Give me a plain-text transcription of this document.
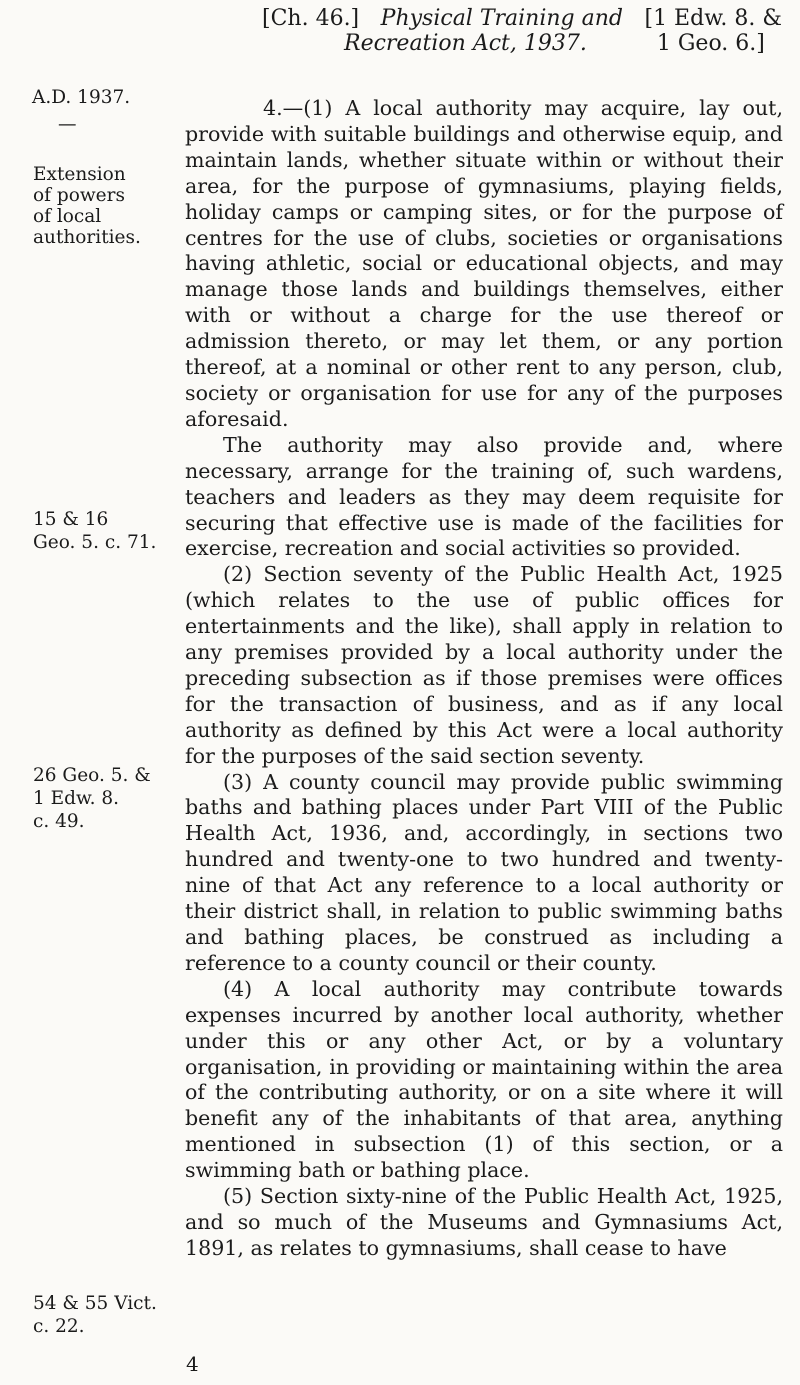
[Ch. 46.] Physical Training and [1 Edw. 8. &
Recreation Act, 1937.	1 Geo. 6.]
A.D. 1937.
—
Extension
of powers
of local
authorities.
15 & 16
Geo. 5. c. 71.
26 Geo. 5. &
1 Edw. 8.
c. 49.
54 & 55 Vict.
c. 22.

4.—(1) A local authority may acquire, lay out, provide with suitable buildings and otherwise equip, and maintain lands, whether situate within or without their area, for the purpose of gymnasiums, playing fields, holiday camps or camping sites, or for the purpose of centres for the use of clubs, societies or organisations having athletic, social or educational objects, and may manage those lands and buildings themselves, either with or without a charge for the use thereof or admission thereto, or may let them, or any portion thereof, at a nominal or other rent to any person, club, society or organisation for use for any of the purposes aforesaid.

The authority may also provide and, where necessary, arrange for the training of, such wardens, teachers and leaders as they may deem requisite for securing that effective use is made of the facilities for exercise, recreation and social activities so provided.

(2) Section seventy of the Public Health Act, 1925 (which relates to the use of public offices for entertainments and the like), shall apply in relation to any premises provided by a local authority under the preceding subsection as if those premises were offices for the transaction of business, and as if any local authority as defined by this Act were a local authority for the purposes of the said section seventy.

(3) A county council may provide public swimming baths and bathing places under Part VIII of the Public Health Act, 1936, and, accordingly, in sections two hundred and twenty-one to two hundred and twenty-nine of that Act any reference to a local authority or their district shall, in relation to public swimming baths and bathing places, be construed as including a reference to a county council or their county.

(4) A local authority may contribute towards expenses incurred by another local authority, whether under this or any other Act, or by a voluntary organisation, in providing or maintaining within the area of the contributing authority, or on a site where it will benefit any of the inhabitants of that area, anything mentioned in subsection (1) of this section, or a swimming bath or bathing place.

(5) Section sixty-nine of the Public Health Act, 1925, and so much of the Museums and Gymnasiums Act, 1891, as relates to gymnasiums, shall cease to have

4
